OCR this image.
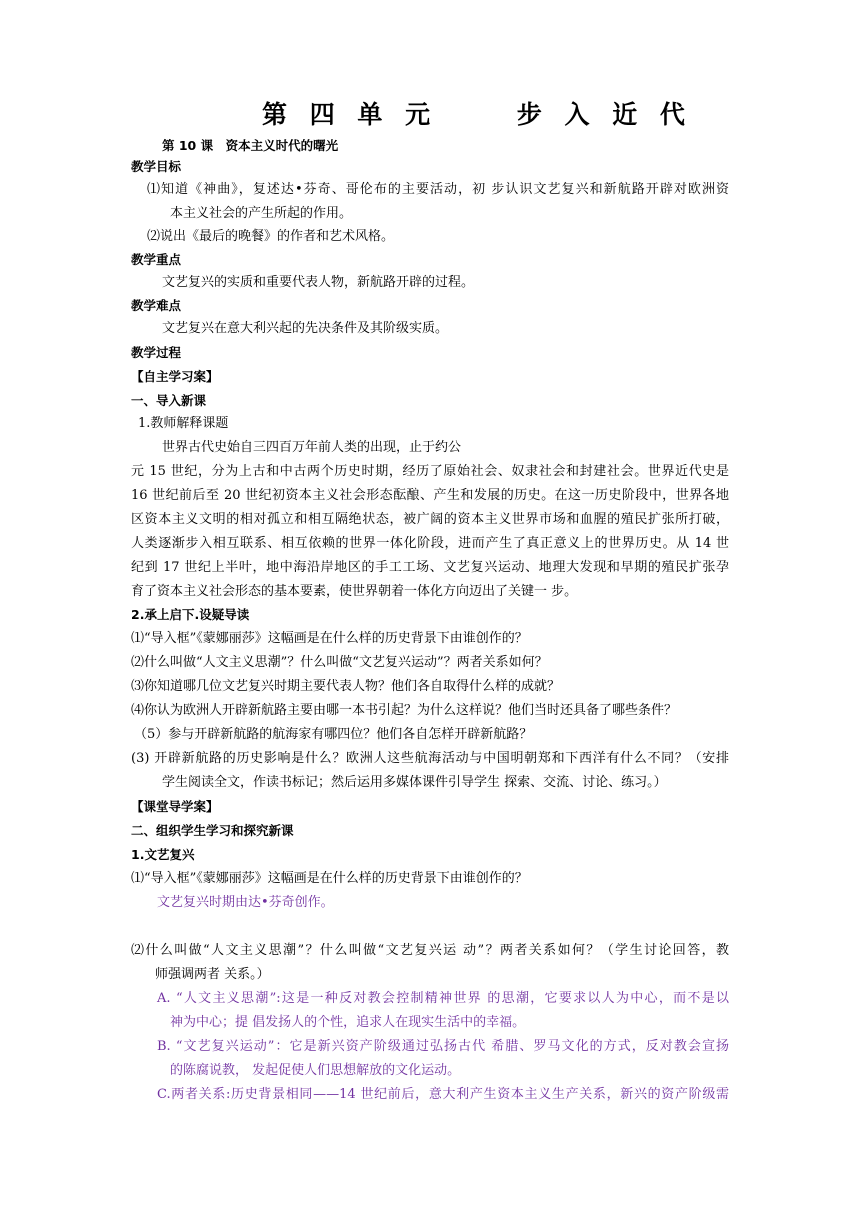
第 四 单 元　　 步 入 近 代
第 10 课　资本主义时代的曙光
教学目标
⑴知道《神曲》，复述达•芬奇、哥伦布的主要活动，初 步认识文艺复兴和新航路开辟对欧洲资
本主义社会的产生所起的作用。
⑵说出《最后的晚餐》的作者和艺术风格。
教学重点
文艺复兴的实质和重要代表人物，新航路开辟的过程。
教学难点
文艺复兴在意大利兴起的先决条件及其阶级实质。
教学过程
【自主学习案】
一、导入新课
1.教师解释课题
世界古代史始自三四百万年前人类的出现，止于约公
元 15 世纪，分为上古和中古两个历史时期，经历了原始社会、奴隶社会和封建社会。世界近代史是
16 世纪前后至 20 世纪初资本主义社会形态酝酿、产生和发展的历史。在这一历史阶段中，世界各地
区资本主义文明的相对孤立和相互隔绝状态，被广阔的资本主义世界市场和血腥的殖民扩张所打破，
人类逐渐步入相互联系、相互依赖的世界一体化阶段，进而产生了真正意义上的世界历史。从 14 世
纪到 17 世纪上半叶，地中海沿岸地区的手工工场、文艺复兴运动、地理大发现和早期的殖民扩张孕
育了资本主义社会形态的基本要素，使世界朝着一体化方向迈出了关键一 步。
2.承上启下.设疑导读
⑴“导入框”《蒙娜丽莎》这幅画是在什么样的历史背景下由谁创作的？
⑵什么叫做“人文主义思潮”？什么叫做“文艺复兴运动”？两者关系如何？
⑶你知道哪几位文艺复兴时期主要代表人物？他们各自取得什么样的成就？
⑷你认为欧洲人开辟新航路主要由哪一本书引起？为什么这样说？他们当时还具备了哪些条件？
（5）参与开辟新航路的航海家有哪四位？他们各自怎样开辟新航路？
(3) 开辟新航路的历史影响是什么？欧洲人这些航海活动与中国明朝郑和下西洋有什么不同？（安排
学生阅读全文，作读书标记；然后运用多媒体课件引导学生 探索、交流、讨论、练习。）
【课堂导学案】
二、组织学生学习和探究新课
1.文艺复兴
⑴“导入框”《蒙娜丽莎》这幅画是在什么样的历史背景下由谁创作的？
文艺复兴时期由达•芬奇创作。
⑵什么叫做“人文主义思潮”？什么叫做“文艺复兴运 动”？两者关系如何？（学生讨论回答，教
师强调两者 关系。）
A. “人文主义思潮”:这是一种反对教会控制精神世界 的思潮，它要求以人为中心，而不是以
神为中心；提 倡发扬人的个性，追求人在现实生活中的幸福。
B. “文艺复兴运动”：它是新兴资产阶级通过弘扬古代 希腊、罗马文化的方式，反对教会宣扬
的陈腐说教， 发起促使人们思想解放的文化运动。
C.两者关系:历史背景相同——14 世纪前后，意大利产生资本主义生产关系，新兴的资产阶级需
